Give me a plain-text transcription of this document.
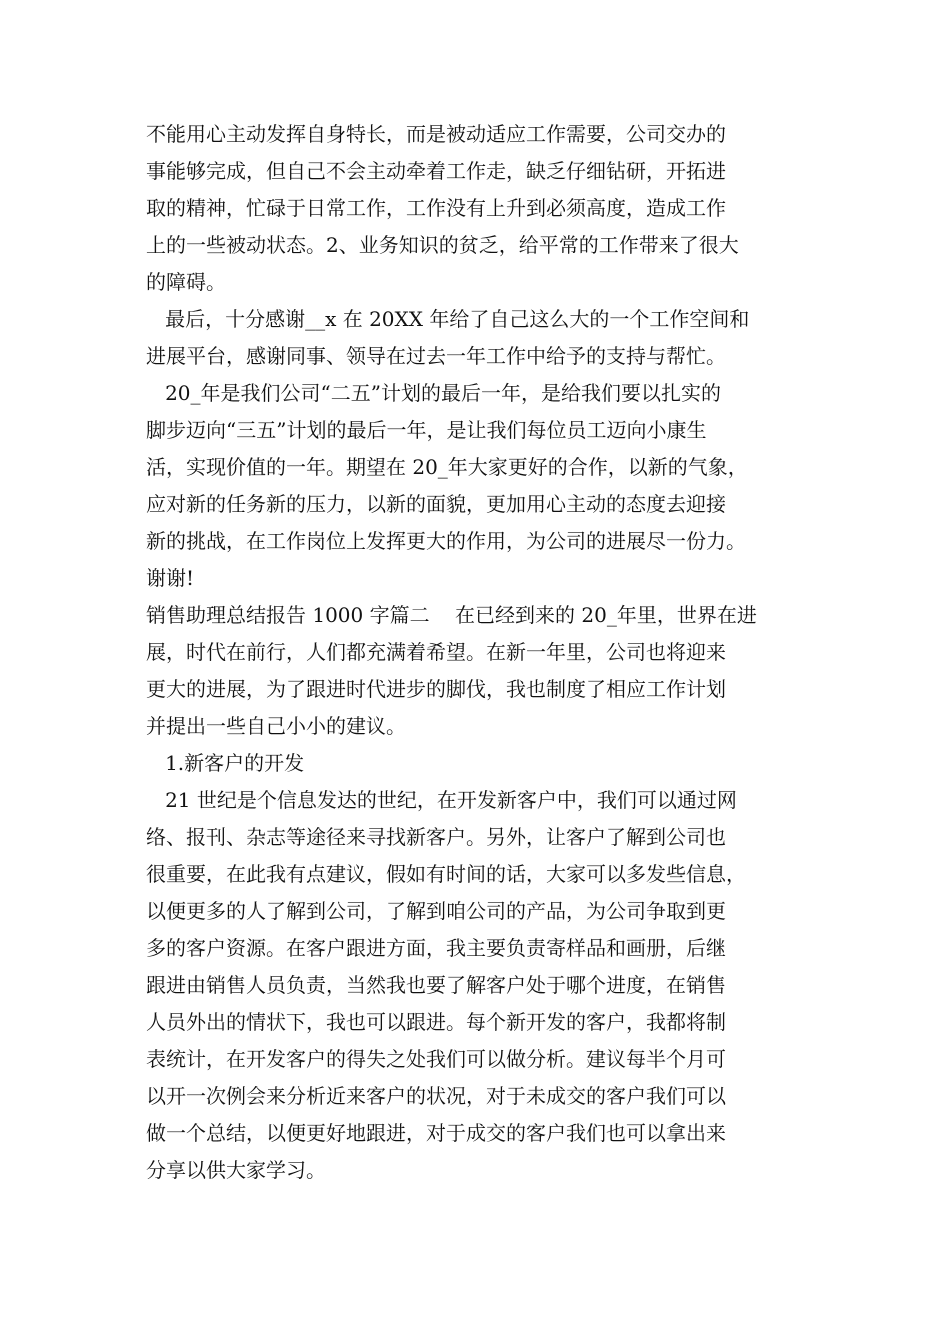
不能用心主动发挥自身特长，而是被动适应工作需要，公司交办的
事能够完成，但自己不会主动牵着工作走，缺乏仔细钻研，开拓进
取的精神，忙碌于日常工作，工作没有上升到必须高度，造成工作
上的一些被动状态。2、业务知识的贫乏，给平常的工作带来了很大
的障碍。
最后，十分感谢__x 在 20XX 年给了自己这么大的一个工作空间和
进展平台，感谢同事、领导在过去一年工作中给予的支持与帮忙。
20_年是我们公司“二五”计划的最后一年，是给我们要以扎实的
脚步迈向“三五”计划的最后一年，是让我们每位员工迈向小康生
活，实现价值的一年。期望在 20_年大家更好的合作，以新的气象，
应对新的任务新的压力，以新的面貌，更加用心主动的态度去迎接
新的挑战，在工作岗位上发挥更大的作用，为公司的进展尽一份力。
谢谢!
销售助理总结报告 1000 字篇二    在已经到来的 20_年里，世界在进
展，时代在前行，人们都充满着希望。在新一年里，公司也将迎来
更大的进展，为了跟进时代进步的脚伐，我也制度了相应工作计划
并提出一些自己小小的建议。
1.新客户的开发
21 世纪是个信息发达的世纪，在开发新客户中，我们可以通过网
络、报刊、杂志等途径来寻找新客户。另外，让客户了解到公司也
很重要，在此我有点建议，假如有时间的话，大家可以多发些信息，
以便更多的人了解到公司，了解到咱公司的产品，为公司争取到更
多的客户资源。在客户跟进方面，我主要负责寄样品和画册，后继
跟进由销售人员负责，当然我也要了解客户处于哪个进度，在销售
人员外出的情状下，我也可以跟进。每个新开发的客户，我都将制
表统计，在开发客户的得失之处我们可以做分析。建议每半个月可
以开一次例会来分析近来客户的状况，对于未成交的客户我们可以
做一个总结，以便更好地跟进，对于成交的客户我们也可以拿出来
分享以供大家学习。
